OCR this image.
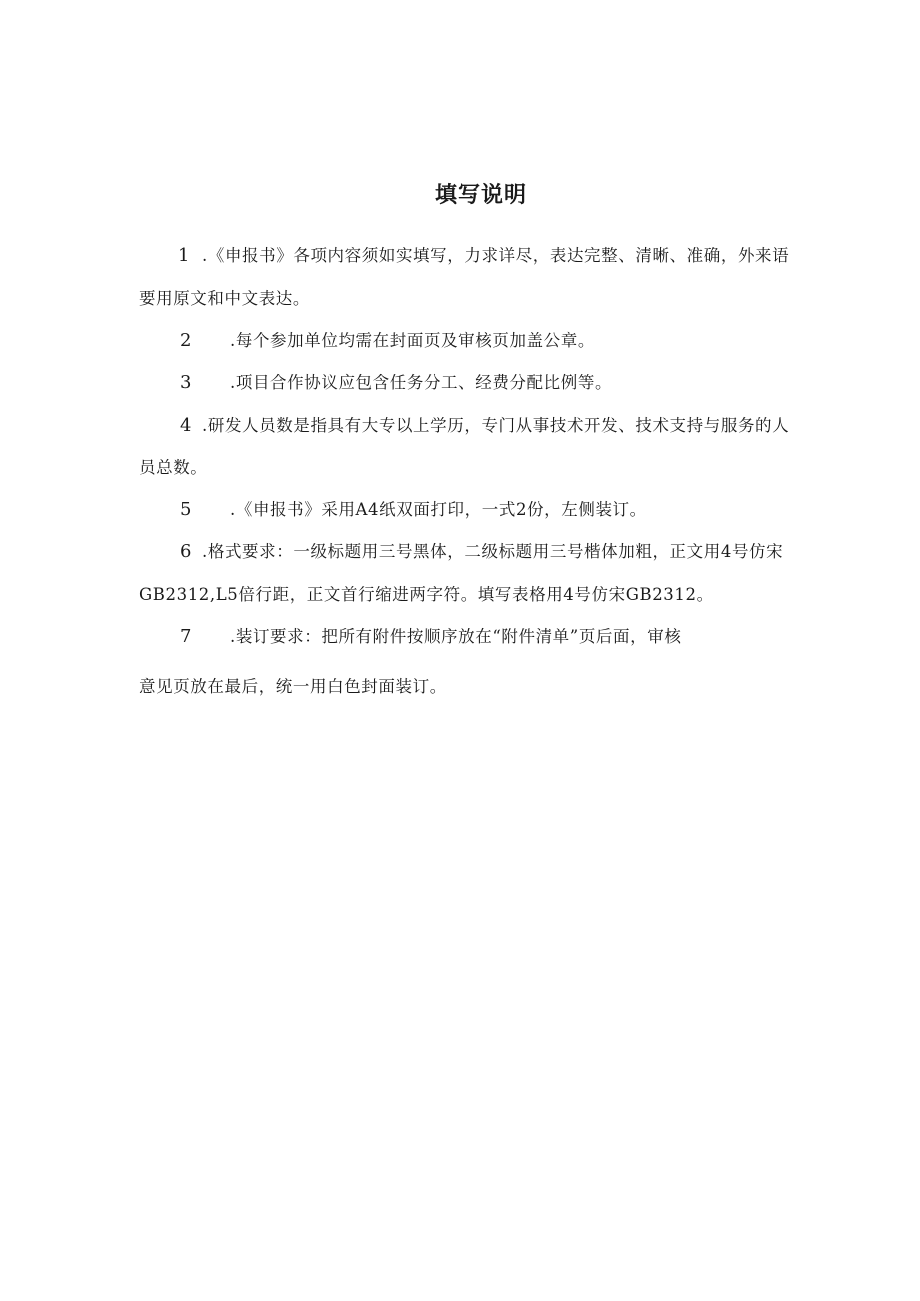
填写说明
1 .《申报书》各项内容须如实填写，力求详尽，表达完整、清晰、准确，外来语
要用原文和中文表达。
2 .每个参加单位均需在封面页及审核页加盖公章。
3 .项目合作协议应包含任务分工、经费分配比例等。
4 .研发人员数是指具有大专以上学历，专门从事技术开发、技术支持与服务的人
员总数。
5 .《申报书》采用A4纸双面打印，一式2份，左侧装订。
6 .格式要求：一级标题用三号黑体，二级标题用三号楷体加粗，正文用4号仿宋
GB2312,L5倍行距，正文首行缩进两字符。填写表格用4号仿宋GB2312。
7 .装订要求：把所有附件按顺序放在“附件清单”页后面，审核
意见页放在最后，统一用白色封面装订。
